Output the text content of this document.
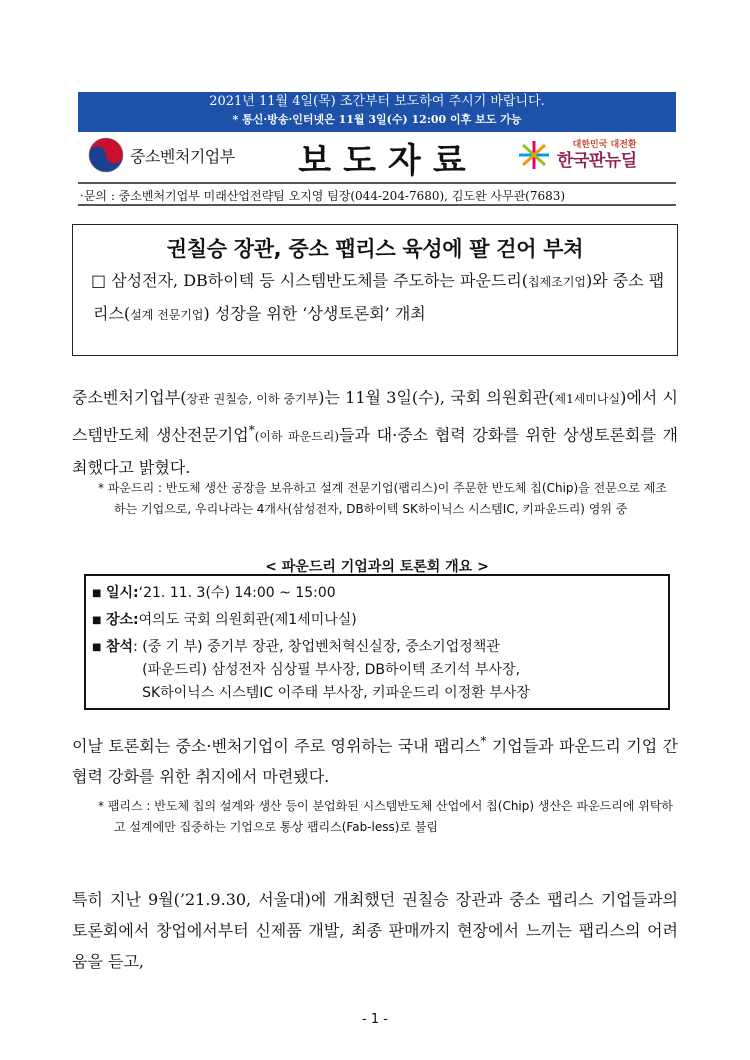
2021년 11월 4일(목) 조간부터 보도하여 주시기 바랍니다.
* 통신·방송·인터넷은 11월 3일(수) 12:00 이후 보도 가능
중소벤처기업부	보도자료	대한민국 대전환
한국판뉴딜
·문의 : 중소벤처기업부 미래산업전략팀 오지영 팀장(044-204-7680), 김도완 사무관(7683)
권칠승 장관, 중소 팹리스 육성에 팔 걷어 부쳐
□ 삼성전자, DB하이텍 등 시스템반도체를 주도하는 파운드리(칩제조기업)와 중소 팹리스(설계 전문기업) 성장을 위한 ‘상생토론회’ 개최
중소벤처기업부(장관 권칠승, 이하 중기부)는 11월 3일(수), 국회 의원회관(제1세미나실)에서 시스템반도체 생산전문기업*(이하 파운드리)들과 대·중소 협력 강화를 위한 상생토론회를 개최했다고 밝혔다.
* 파운드리 : 반도체 생산 공장을 보유하고 설계 전문기업(팹리스)이 주문한 반도체 칩(Chip)을 전문으로 제조하는 기업으로, 우리나라는 4개사(삼성전자, DB하이텍 SK하이닉스 시스템IC, 키파운드리) 영위 중
< 파운드리 기업과의 토론회 개요 >
■ 일시: ‘21. 11. 3(수) 14:00 ~ 15:00
■ 장소: 여의도 국회 의원회관(제1세미나실)
■ 참석 : (중 기 부) 중기부 장관, 창업벤처혁신실장, 중소기업정책관
(파운드리) 삼성전자 심상필 부사장, DB하이텍 조기석 부사장,
SK하이닉스 시스템IC 이주태 부사장, 키파운드리 이정환 부사장
이날 토론회는 중소·벤처기업이 주로 영위하는 국내 팹리스* 기업들과 파운드리 기업 간 협력 강화를 위한 취지에서 마련됐다.
* 팹리스 : 반도체 칩의 설계와 생산 등이 분업화된 시스템반도체 산업에서 칩(Chip) 생산은 파운드리에 위탁하고 설계에만 집중하는 기업으로 통상 팹리스(Fab-less)로 불림
특히 지난 9월(’21.9.30, 서울대)에 개최했던 권칠승 장관과 중소 팹리스 기업들과의 토론회에서 창업에서부터 신제품 개발, 최종 판매까지 현장에서 느끼는 팹리스의 어려움을 듣고,
- 1 -
